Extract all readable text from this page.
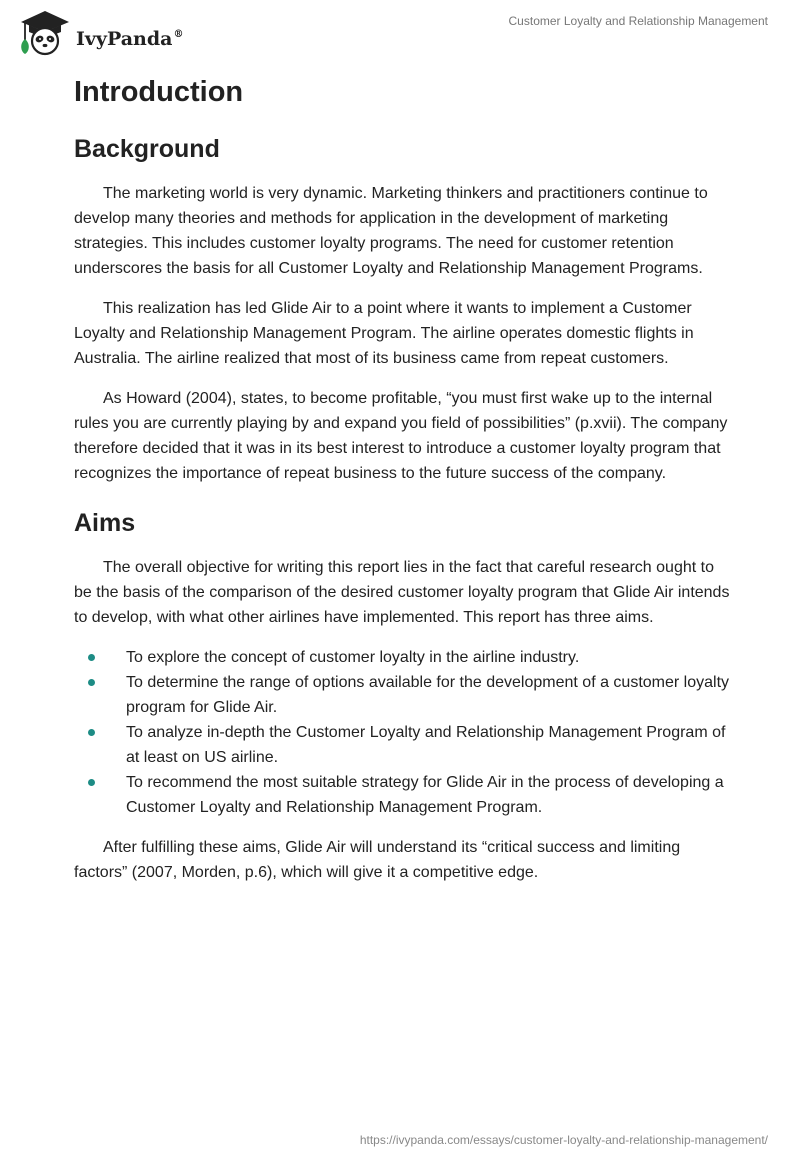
IvyPanda®
Customer Loyalty and Relationship Management
Introduction
Background

The marketing world is very dynamic. Marketing thinkers and practitioners continue to develop many theories and methods for application in the development of marketing strategies. This includes customer loyalty programs. The need for customer retention underscores the basis for all Customer Loyalty and Relationship Management Programs.

This realization has led Glide Air to a point where it wants to implement a Customer Loyalty and Relationship Management Program. The airline operates domestic flights in Australia. The airline realized that most of its business came from repeat customers.

As Howard (2004), states, to become profitable, “you must first wake up to the internal rules you are currently playing by and expand you field of possibilities” (p.xvii). The company therefore decided that it was in its best interest to introduce a customer loyalty program that recognizes the importance of repeat business to the future success of the company.

Aims

The overall objective for writing this report lies in the fact that careful research ought to be the basis of the comparison of the desired customer loyalty program that Glide Air intends to develop, with what other airlines have implemented. This report has three aims.

To explore the concept of customer loyalty in the airline industry.
To determine the range of options available for the development of a customer loyalty program for Glide Air.
To analyze in-depth the Customer Loyalty and Relationship Management Program of at least on US airline.
To recommend the most suitable strategy for Glide Air in the process of developing a Customer Loyalty and Relationship Management Program.

After fulfilling these aims, Glide Air will understand its “critical success and limiting factors” (2007, Morden, p.6), which will give it a competitive edge.

https://ivypanda.com/essays/customer-loyalty-and-relationship-management/
